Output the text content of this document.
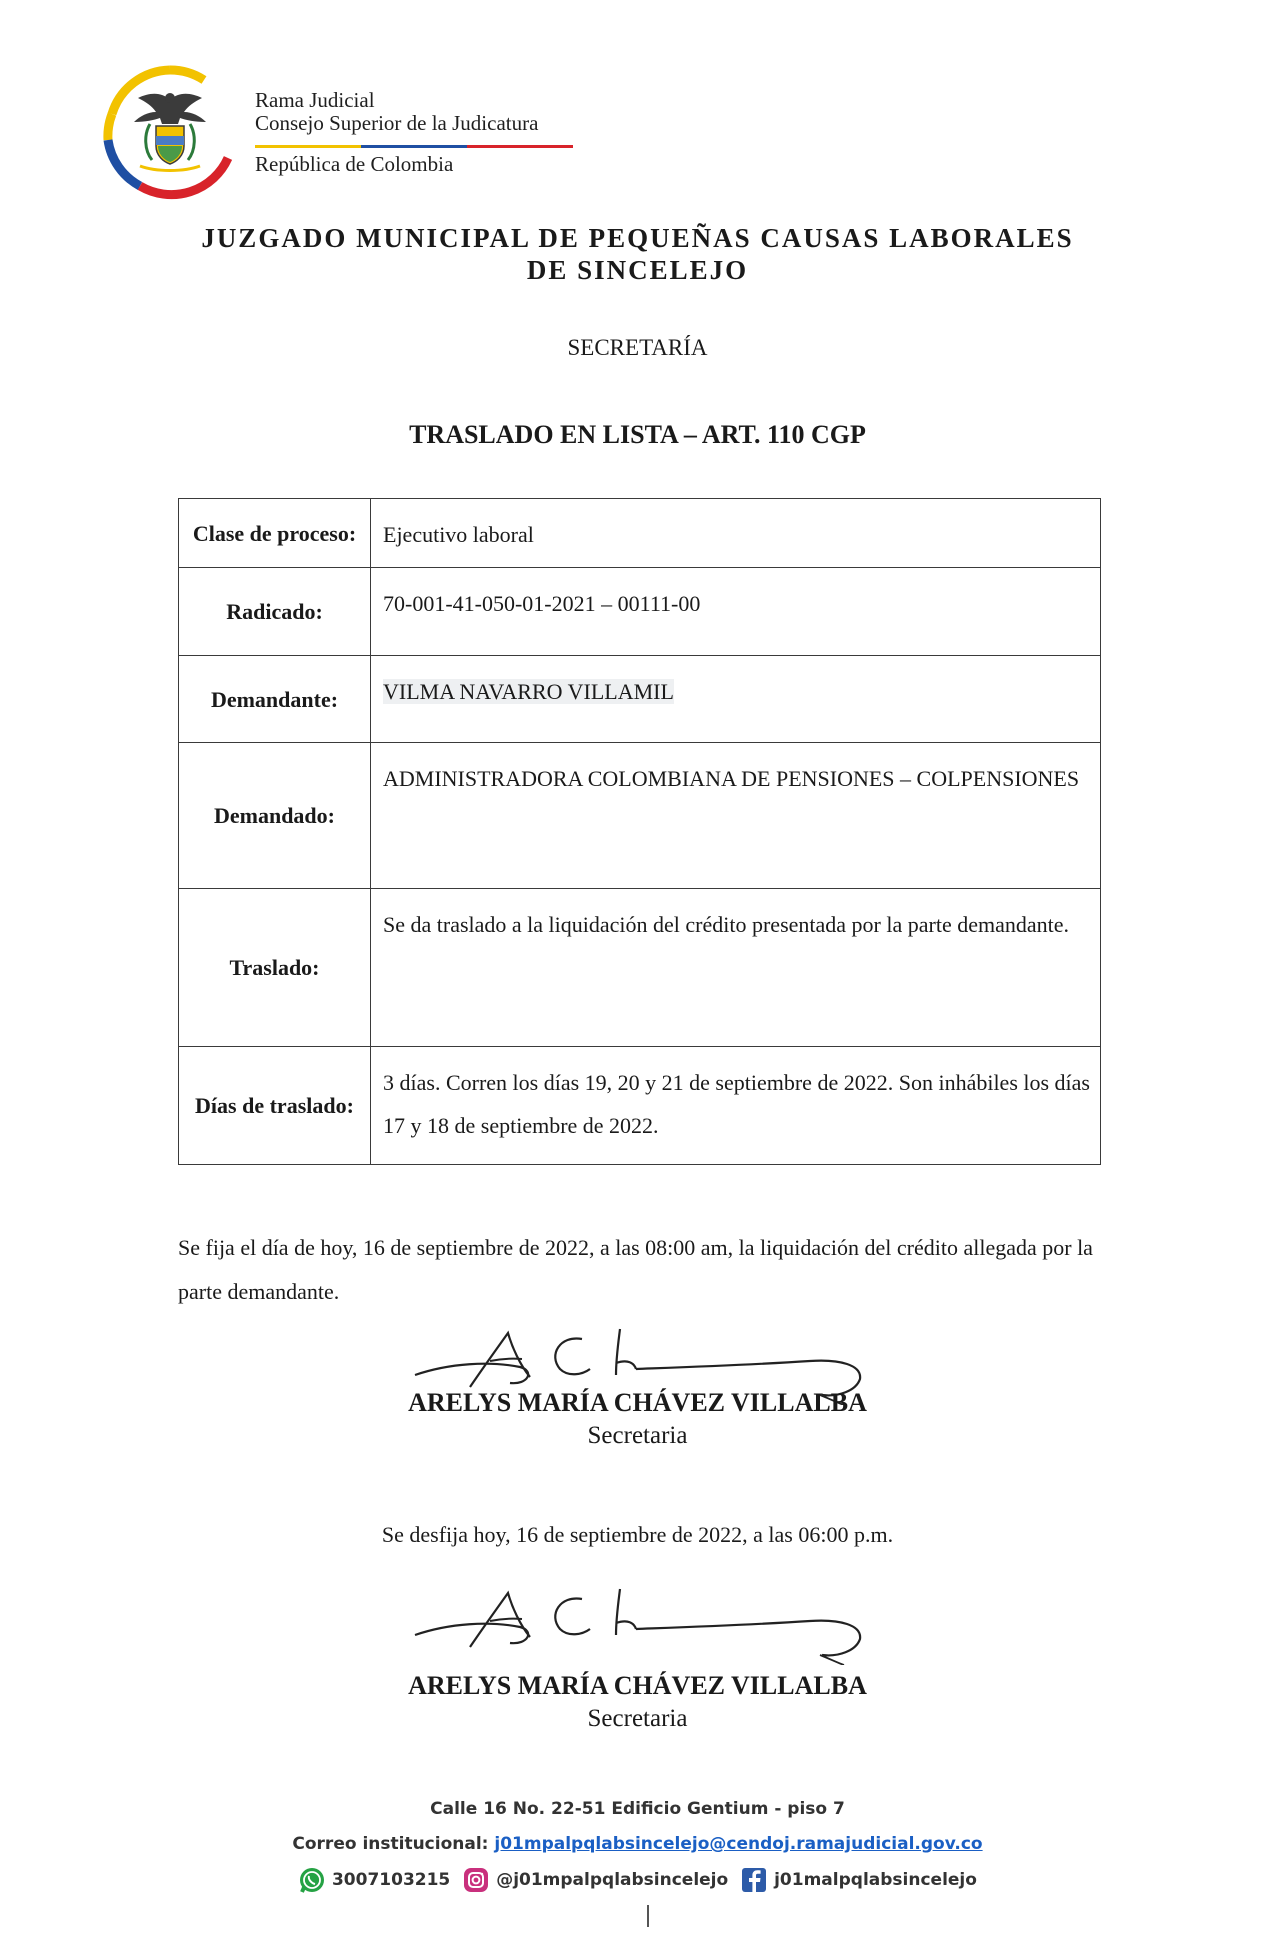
Rama Judicial
Consejo Superior de la Judicatura
República de Colombia
JUZGADO MUNICIPAL DE PEQUEÑAS CAUSAS LABORALES
DE SINCELEJO
SECRETARÍA
TRASLADO EN LISTA – ART. 110 CGP
Clase de proceso:	Ejecutivo laboral
Radicado:	70-001-41-050-01-2021 – 00111-00
Demandante:	VILMA NAVARRO VILLAMIL
Demandado:	ADMINISTRADORA COLOMBIANA DE PENSIONES – COLPENSIONES
Traslado:	Se da traslado a la liquidación del crédito presentada por la parte demandante.
Días de traslado:	3 días. Corren los días 19, 20 y 21 de septiembre de 2022. Son inhábiles los días 17 y 18 de septiembre de 2022.
Se fija el día de hoy, 16 de septiembre de 2022, a las 08:00 am, la liquidación del crédito allegada por la parte demandante.
ARELYS MARÍA CHÁVEZ VILLALBA
Secretaria
Se desfija hoy, 16 de septiembre de 2022, a las 06:00 p.m.
ARELYS MARÍA CHÁVEZ VILLALBA
Secretaria
Calle 16 No. 22-51 Edificio Gentium - piso 7
Correo institucional: j01mpalpqlabsincelejo@cendoj.ramajudicial.gov.co
3007103215	@j01mpalpqlabsincelejo	j01malpqlabsincelejo
